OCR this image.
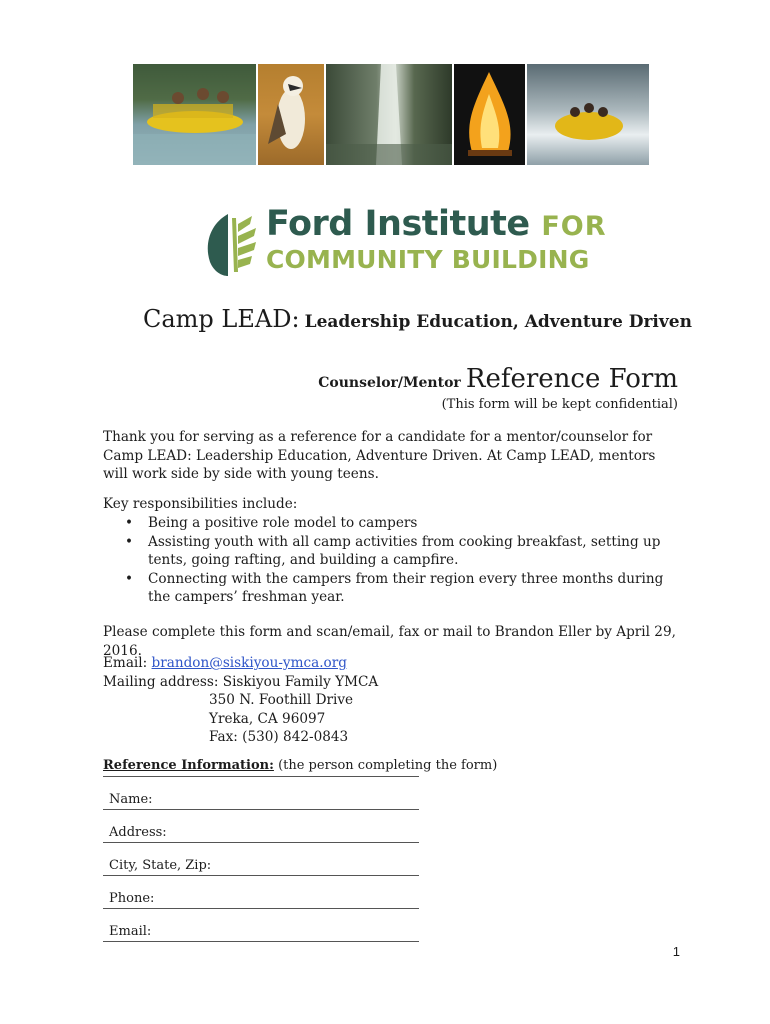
Ford Institute FOR
COMMUNITY BUILDING
Camp LEAD: Leadership Education, Adventure Driven
Counselor/Mentor Reference Form
(This form will be kept confidential)
Thank you for serving as a reference for a candidate for a mentor/counselor for Camp LEAD: Leadership Education, Adventure Driven. At Camp LEAD, mentors will work side by side with young teens.
Key responsibilities include:
• Being a positive role model to campers
• Assisting youth with all camp activities from cooking breakfast, setting up tents, going rafting, and building a campfire.
• Connecting with the campers from their region every three months during the campers’ freshman year.
Please complete this form and scan/email, fax or mail to Brandon Eller by April 29, 2016.
Email: brandon@siskiyou-ymca.org
Mailing address: Siskiyou Family YMCA
350 N. Foothill Drive
Yreka, CA 96097
Fax: (530) 842-0843
Reference Information: (the person completing the form)
Name:
Address:
City, State, Zip:
Phone:
Email:
1
